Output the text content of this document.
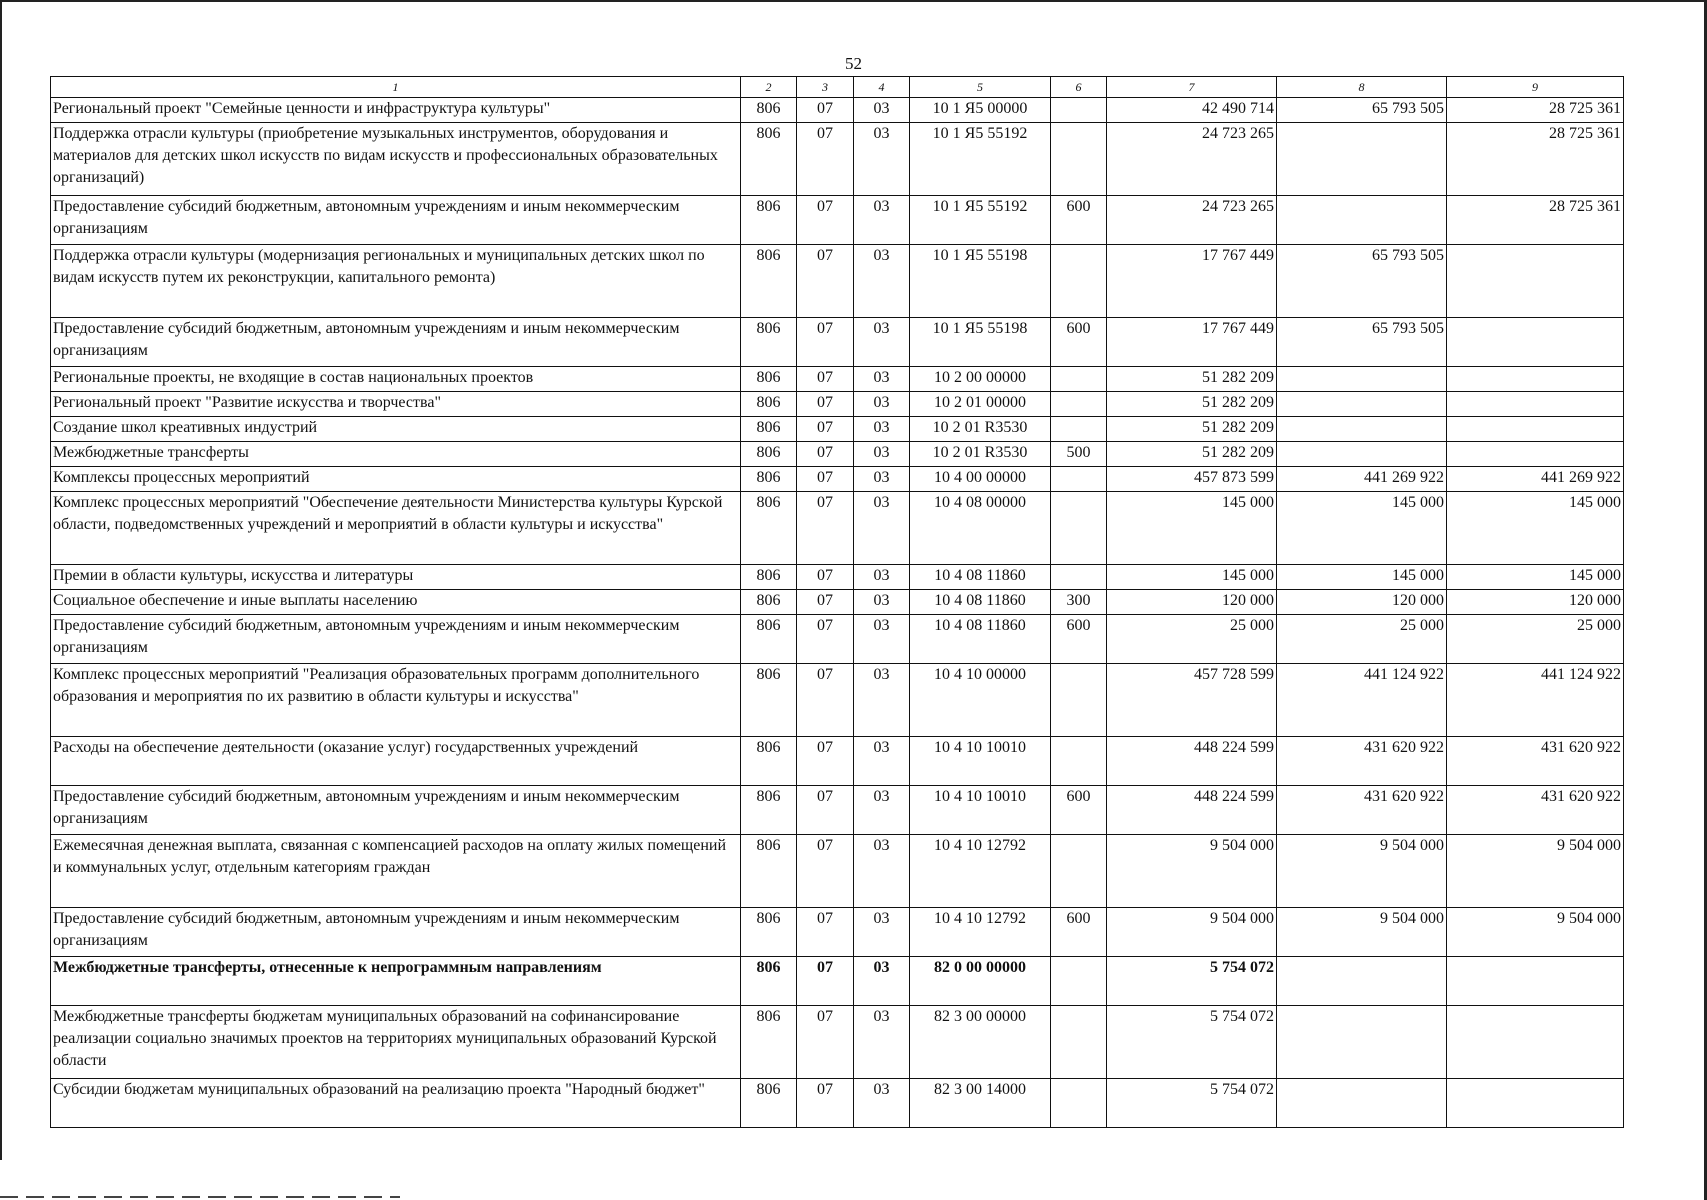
52
1	2	3	4	5	6	7	8	9
Региональный проект "Семейные ценности и инфраструктура культуры"	806	07	03	10 1 Я5 00000		42 490 714	65 793 505	28 725 361
Поддержка отрасли культуры (приобретение музыкальных инструментов, оборудования и материалов для детских школ искусств по видам искусств и профессиональных образовательных организаций)	806	07	03	10 1 Я5 55192		24 723 265		28 725 361
Предоставление субсидий бюджетным, автономным учреждениям и иным некоммерческим организациям	806	07	03	10 1 Я5 55192	600	24 723 265		28 725 361
Поддержка отрасли культуры (модернизация региональных и муниципальных детских школ по видам искусств путем их реконструкции, капитального ремонта)	806	07	03	10 1 Я5 55198		17 767 449	65 793 505	
Предоставление субсидий бюджетным, автономным учреждениям и иным некоммерческим организациям	806	07	03	10 1 Я5 55198	600	17 767 449	65 793 505	
Региональные проекты, не входящие в состав национальных проектов	806	07	03	10 2 00 00000		51 282 209		
Региональный проект "Развитие искусства и творчества"	806	07	03	10 2 01 00000		51 282 209		
Создание школ креативных индустрий	806	07	03	10 2 01 R3530		51 282 209		
Межбюджетные трансферты	806	07	03	10 2 01 R3530	500	51 282 209		
Комплексы процессных мероприятий	806	07	03	10 4 00 00000		457 873 599	441 269 922	441 269 922
Комплекс процессных мероприятий "Обеспечение деятельности Министерства культуры Курской области, подведомственных учреждений и мероприятий в области культуры и искусства"	806	07	03	10 4 08 00000		145 000	145 000	145 000
Премии в области культуры, искусства и литературы	806	07	03	10 4 08 11860		145 000	145 000	145 000
Социальное обеспечение и иные выплаты населению	806	07	03	10 4 08 11860	300	120 000	120 000	120 000
Предоставление субсидий бюджетным, автономным учреждениям и иным некоммерческим организациям	806	07	03	10 4 08 11860	600	25 000	25 000	25 000
Комплекс процессных мероприятий "Реализация образовательных программ дополнительного образования и мероприятия по их развитию в области культуры и искусства"	806	07	03	10 4 10 00000		457 728 599	441 124 922	441 124 922
Расходы на обеспечение деятельности (оказание услуг) государственных учреждений	806	07	03	10 4 10 10010		448 224 599	431 620 922	431 620 922
Предоставление субсидий бюджетным, автономным учреждениям и иным некоммерческим организациям	806	07	03	10 4 10 10010	600	448 224 599	431 620 922	431 620 922
Ежемесячная денежная выплата, связанная с компенсацией расходов на оплату жилых помещений и коммунальных услуг, отдельным категориям граждан	806	07	03	10 4 10 12792		9 504 000	9 504 000	9 504 000
Предоставление субсидий бюджетным, автономным учреждениям и иным некоммерческим организациям	806	07	03	10 4 10 12792	600	9 504 000	9 504 000	9 504 000
Межбюджетные трансферты, отнесенные к непрограммным направлениям	806	07	03	82 0 00 00000		5 754 072		
Межбюджетные трансферты бюджетам муниципальных образований на софинансирование реализации социально значимых проектов на территориях муниципальных образований Курской области	806	07	03	82 3 00 00000		5 754 072		
Субсидии бюджетам муниципальных образований на реализацию проекта "Народный бюджет"	806	07	03	82 3 00 14000		5 754 072		
